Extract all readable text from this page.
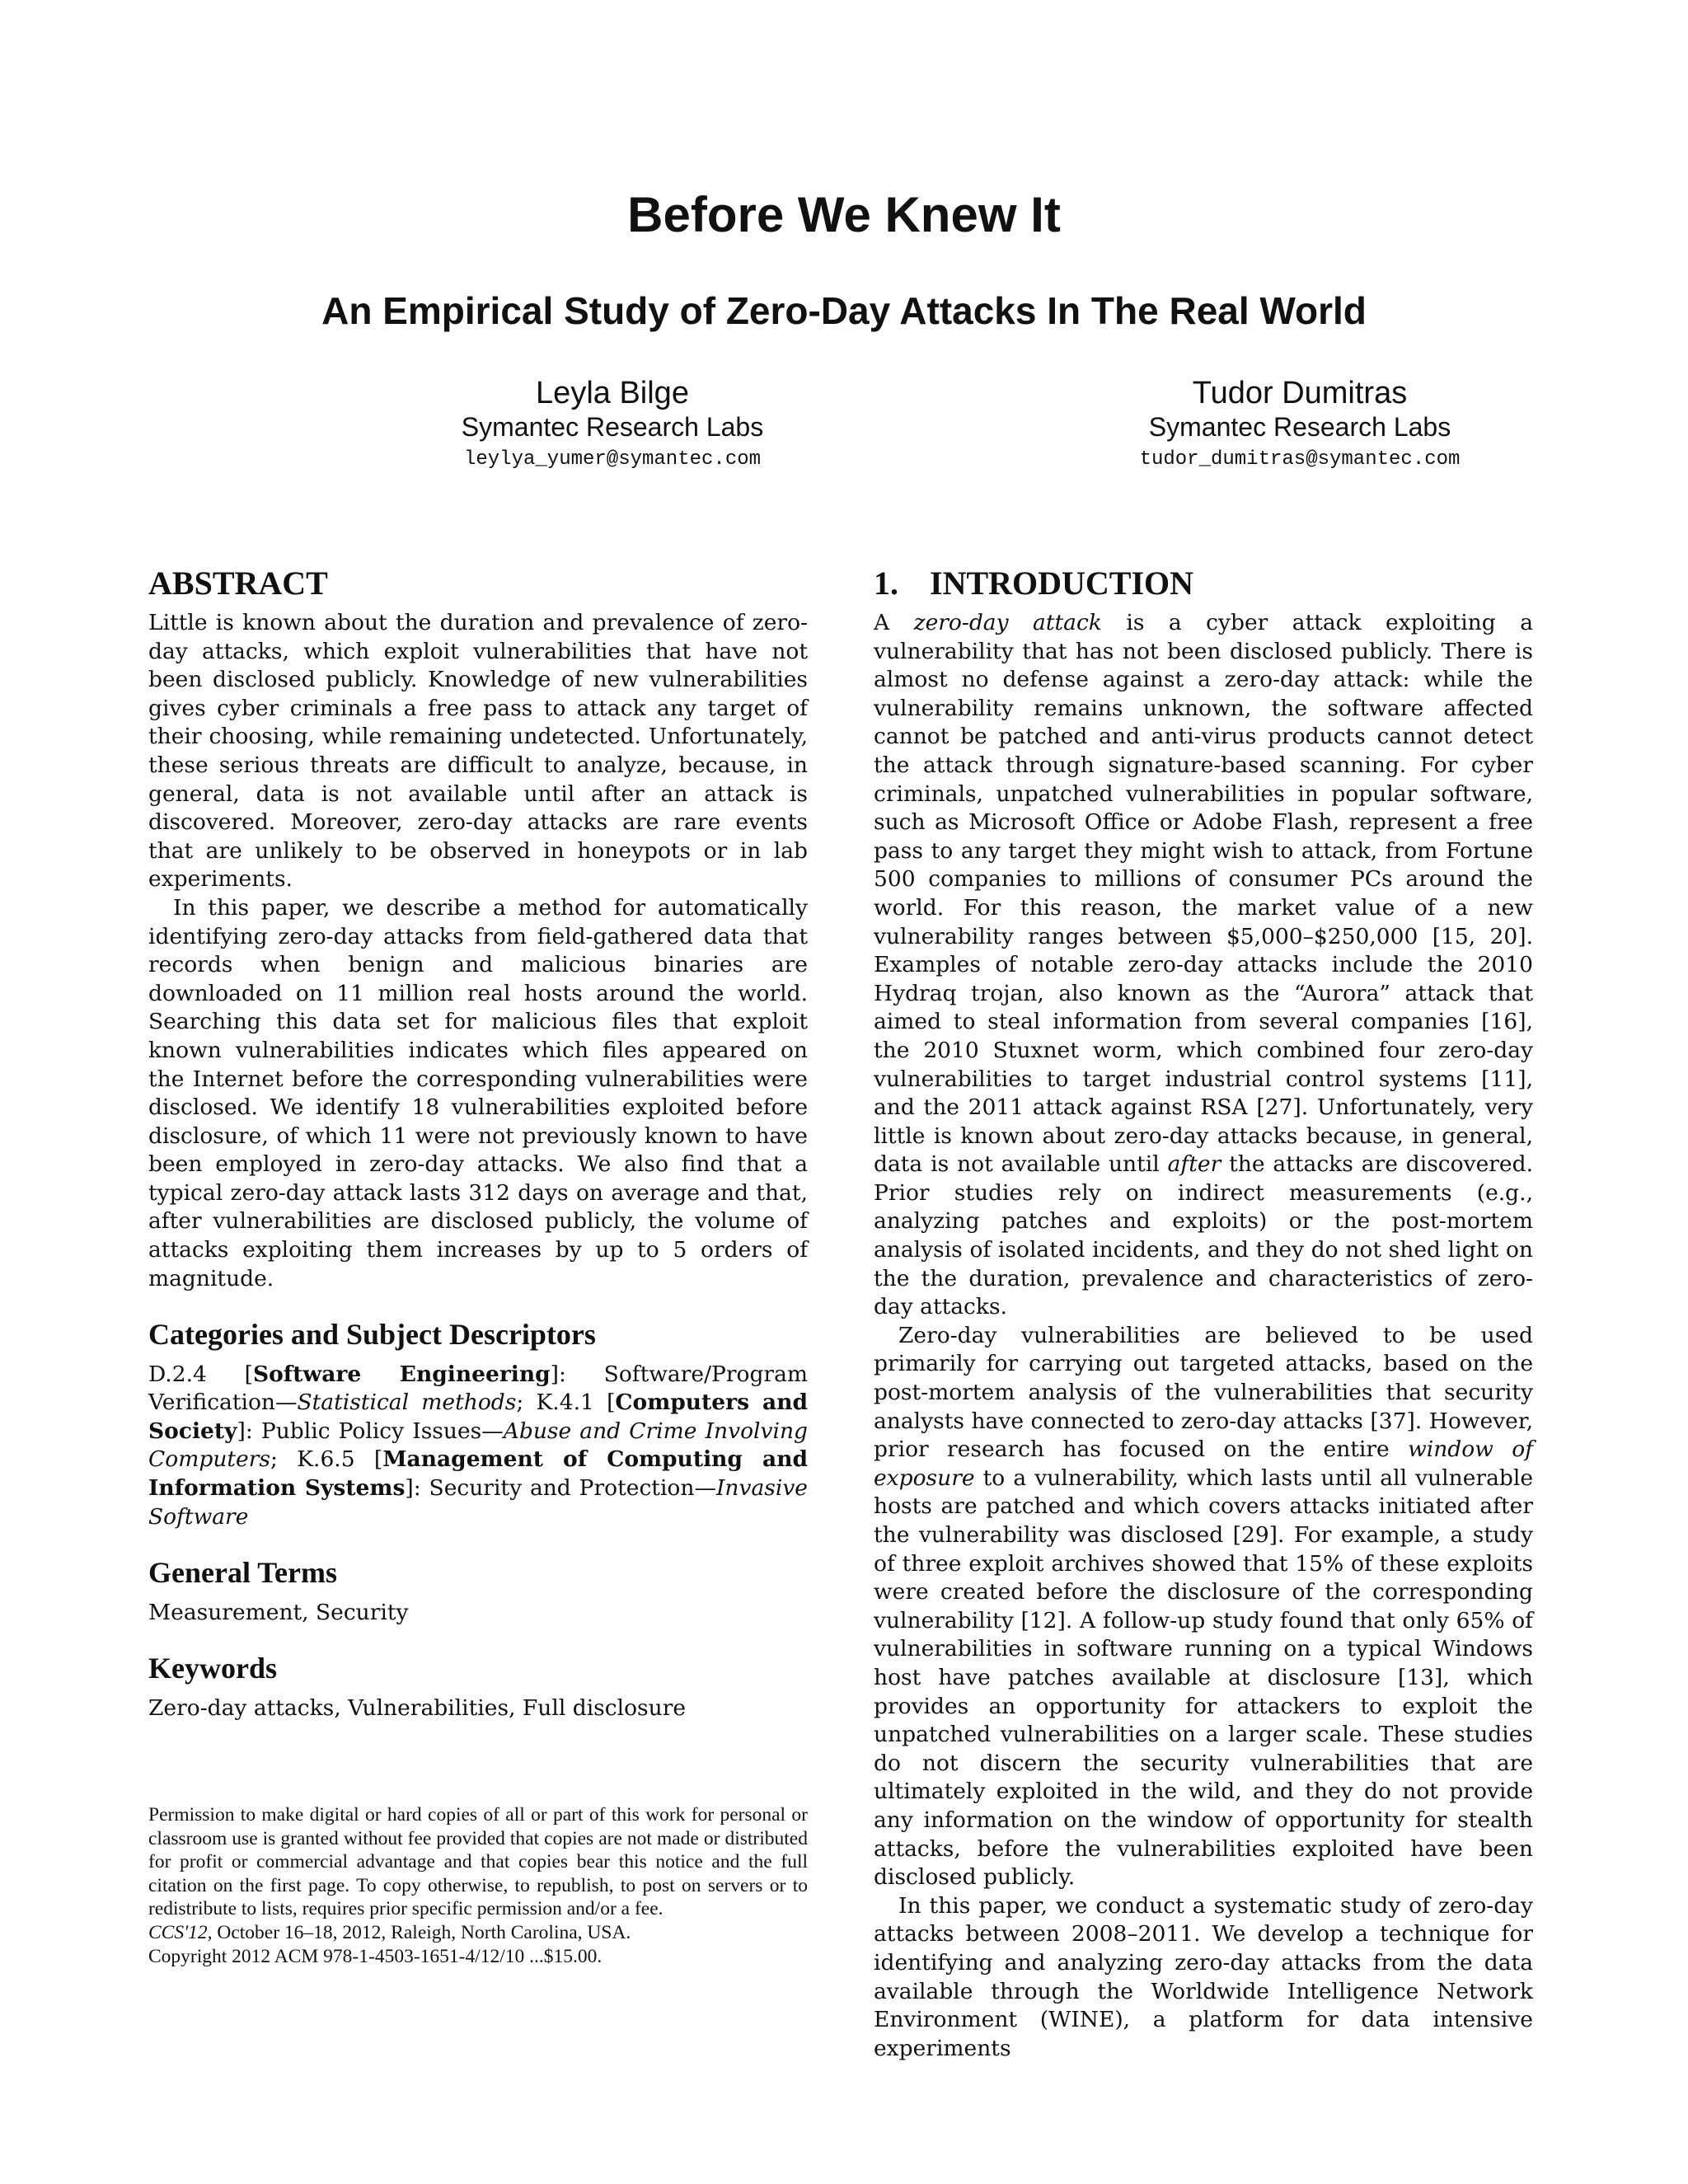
Before We Knew It
An Empirical Study of Zero-Day Attacks In The Real World
Leyla Bilge
Symantec Research Labs
leylya_yumer@symantec.com
Tudor Dumitras
Symantec Research Labs
tudor_dumitras@symantec.com
ABSTRACT

Little is known about the duration and prevalence of zero-day attacks, which exploit vulnerabilities that have not been disclosed publicly. Knowledge of new vulnerabilities gives cyber criminals a free pass to attack any target of their choosing, while remaining undetected. Unfortunately, these serious threats are difficult to analyze, because, in general, data is not available until after an attack is discovered. Moreover, zero-day attacks are rare events that are unlikely to be observed in honeypots or in lab experiments.

In this paper, we describe a method for automatically identifying zero-day attacks from field-gathered data that records when benign and malicious binaries are downloaded on 11 million real hosts around the world. Searching this data set for malicious files that exploit known vulnerabilities indicates which files appeared on the Internet before the corresponding vulnerabilities were disclosed. We identify 18 vulnerabilities exploited before disclosure, of which 11 were not previously known to have been employed in zero-day attacks. We also find that a typical zero-day attack lasts 312 days on average and that, after vulnerabilities are disclosed publicly, the volume of attacks exploiting them increases by up to 5 orders of magnitude.

Categories and Subject Descriptors

D.2.4 [Software Engineering]: Software/Program Verification—Statistical methods; K.4.1 [Computers and Society]: Public Policy Issues—Abuse and Crime Involving Computers; K.6.5 [Management of Computing and Information Systems]: Security and Protection—Invasive Software

General Terms

Measurement, Security

Keywords

Zero-day attacks, Vulnerabilities, Full disclosure

Permission to make digital or hard copies of all or part of this work for personal or classroom use is granted without fee provided that copies are not made or distributed for profit or commercial advantage and that copies bear this notice and the full citation on the first page. To copy otherwise, to republish, to post on servers or to redistribute to lists, requires prior specific permission and/or a fee.

CCS'12, October 16–18, 2012, Raleigh, North Carolina, USA.

Copyright 2012 ACM 978-1-4503-1651-4/12/10 ...$15.00.

1. INTRODUCTION

A zero-day attack is a cyber attack exploiting a vulnerability that has not been disclosed publicly. There is almost no defense against a zero-day attack: while the vulnerability remains unknown, the software affected cannot be patched and anti-virus products cannot detect the attack through signature-based scanning. For cyber criminals, unpatched vulnerabilities in popular software, such as Microsoft Office or Adobe Flash, represent a free pass to any target they might wish to attack, from Fortune 500 companies to millions of consumer PCs around the world. For this reason, the market value of a new vulnerability ranges between $5,000–$250,000 [15, 20]. Examples of notable zero-day attacks include the 2010 Hydraq trojan, also known as the “Aurora” attack that aimed to steal information from several companies [16], the 2010 Stuxnet worm, which combined four zero-day vulnerabilities to target industrial control systems [11], and the 2011 attack against RSA [27]. Unfortunately, very little is known about zero-day attacks because, in general, data is not available until after the attacks are discovered. Prior studies rely on indirect measurements (e.g., analyzing patches and exploits) or the post-mortem analysis of isolated incidents, and they do not shed light on the the duration, prevalence and characteristics of zero-day attacks.

Zero-day vulnerabilities are believed to be used primarily for carrying out targeted attacks, based on the post-mortem analysis of the vulnerabilities that security analysts have connected to zero-day attacks [37]. However, prior research has focused on the entire window of exposure to a vulnerability, which lasts until all vulnerable hosts are patched and which covers attacks initiated after the vulnerability was disclosed [29]. For example, a study of three exploit archives showed that 15% of these exploits were created before the disclosure of the corresponding vulnerability [12]. A follow-up study found that only 65% of vulnerabilities in software running on a typical Windows host have patches available at disclosure [13], which provides an opportunity for attackers to exploit the unpatched vulnerabilities on a larger scale. These studies do not discern the security vulnerabilities that are ultimately exploited in the wild, and they do not provide any information on the window of opportunity for stealth attacks, before the vulnerabilities exploited have been disclosed publicly.

In this paper, we conduct a systematic study of zero-day attacks between 2008–2011. We develop a technique for identifying and analyzing zero-day attacks from the data available through the Worldwide Intelligence Network Environment (WINE), a platform for data intensive experiments
